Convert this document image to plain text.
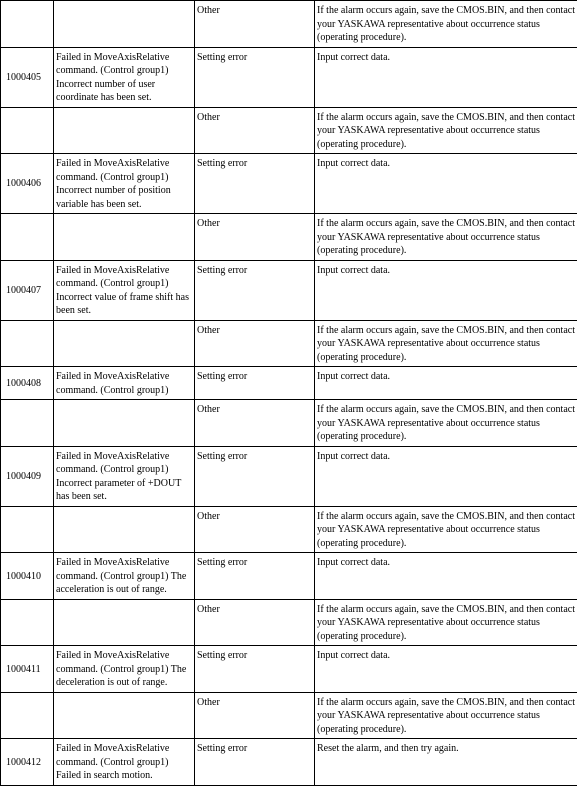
		Other	If the alarm occurs again, save the CMOS.BIN, and then contact your YASKAWA representative about occurrence status (operating procedure).
1000405	Failed in MoveAxisRelative command. (Control group1) Incorrect number of user coordinate has been set.	Setting error	Input correct data.
		Other	If the alarm occurs again, save the CMOS.BIN, and then contact your YASKAWA representative about occurrence status (operating procedure).
1000406	Failed in MoveAxisRelative command. (Control group1) Incorrect number of position variable has been set.	Setting error	Input correct data.
		Other	If the alarm occurs again, save the CMOS.BIN, and then contact your YASKAWA representative about occurrence status (operating procedure).
1000407	Failed in MoveAxisRelative command. (Control group1) Incorrect value of frame shift has been set.	Setting error	Input correct data.
		Other	If the alarm occurs again, save the CMOS.BIN, and then contact your YASKAWA representative about occurrence status (operating procedure).
1000408	Failed in MoveAxisRelative command. (Control group1)	Setting error	Input correct data.
		Other	If the alarm occurs again, save the CMOS.BIN, and then contact your YASKAWA representative about occurrence status (operating procedure).
1000409	Failed in MoveAxisRelative command. (Control group1) Incorrect parameter of +DOUT has been set.	Setting error	Input correct data.
		Other	If the alarm occurs again, save the CMOS.BIN, and then contact your YASKAWA representative about occurrence status (operating procedure).
1000410	Failed in MoveAxisRelative command. (Control group1) The acceleration is out of range.	Setting error	Input correct data.
		Other	If the alarm occurs again, save the CMOS.BIN, and then contact your YASKAWA representative about occurrence status (operating procedure).
1000411	Failed in MoveAxisRelative command. (Control group1) The deceleration is out of range.	Setting error	Input correct data.
		Other	If the alarm occurs again, save the CMOS.BIN, and then contact your YASKAWA representative about occurrence status (operating procedure).
1000412	Failed in MoveAxisRelative command. (Control group1) Failed in search motion.	Setting error	Reset the alarm, and then try again.
